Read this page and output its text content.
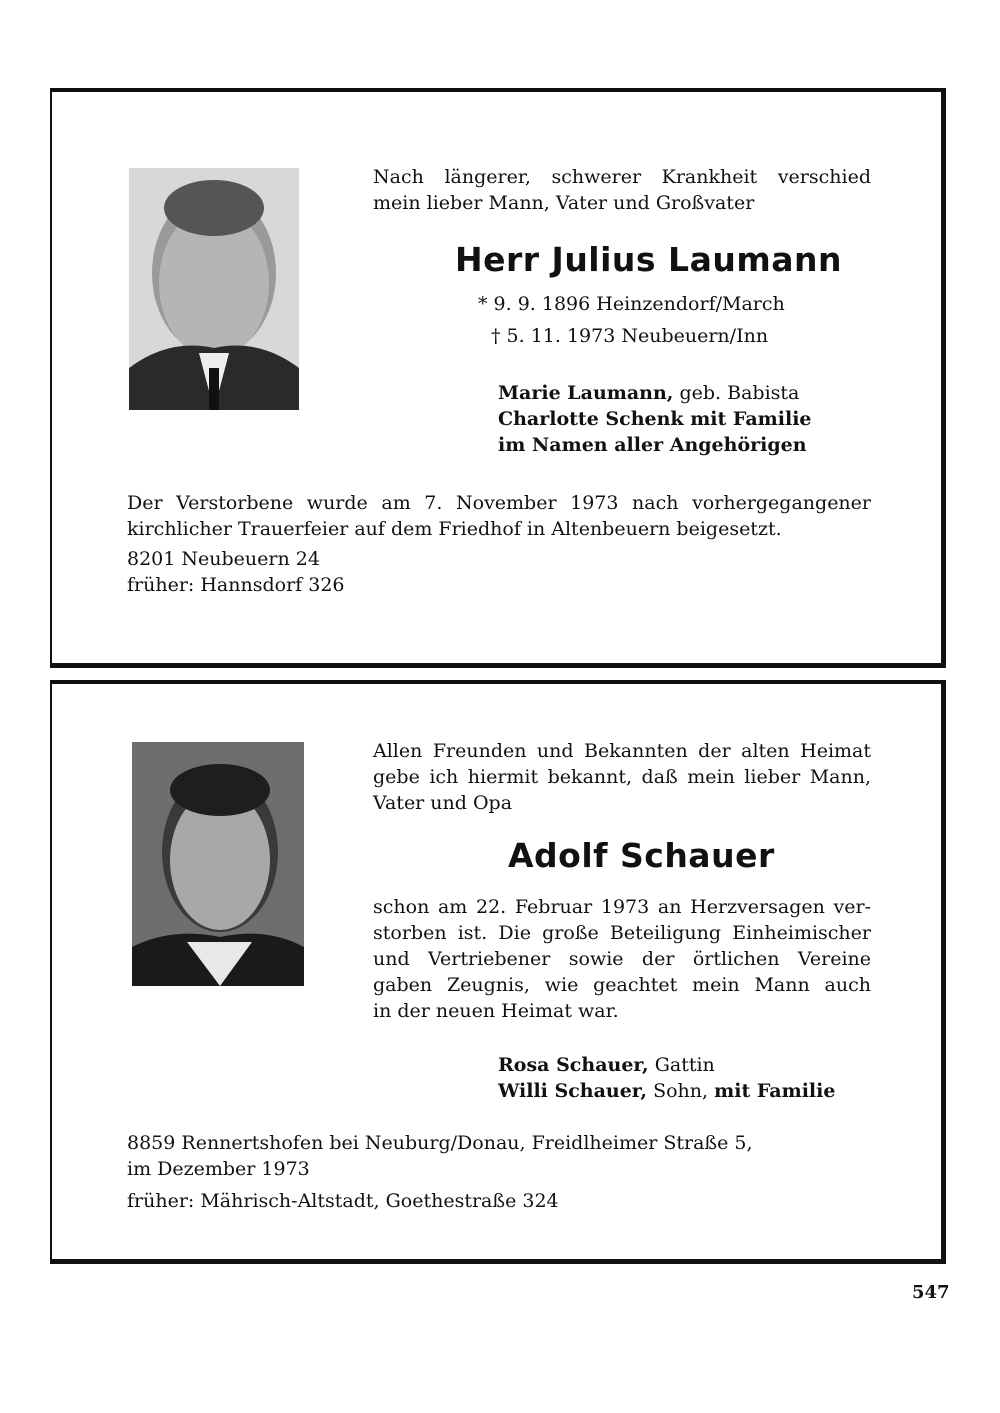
Nach längerer, schwerer Krankheit verschied
mein lieber Mann, Vater und Großvater
Herr Julius Laumann
* 9. 9. 1896 Heinzendorf/March
† 5. 11. 1973 Neubeuern/Inn
Marie Laumann, geb. Babista
Charlotte Schenk mit Familie
im Namen aller Angehörigen
Der Verstorbene wurde am 7. November 1973 nach vorhergegangener
kirchlicher Trauerfeier auf dem Friedhof in Altenbeuern beigesetzt.
8201 Neubeuern 24
früher: Hannsdorf 326
Allen Freunden und Bekannten der alten Heimat
gebe ich hiermit bekannt, daß mein lieber Mann,
Vater und Opa
Adolf Schauer
schon am 22. Februar 1973 an Herzversagen ver-
storben ist. Die große Beteiligung Einheimischer
und Vertriebener sowie der örtlichen Vereine
gaben Zeugnis, wie geachtet mein Mann auch
in der neuen Heimat war.
Rosa Schauer, Gattin
Willi Schauer, Sohn, mit Familie
8859 Rennertshofen bei Neuburg/Donau, Freidlheimer Straße 5,
im Dezember 1973
früher: Mährisch-Altstadt, Goethestraße 324
547
